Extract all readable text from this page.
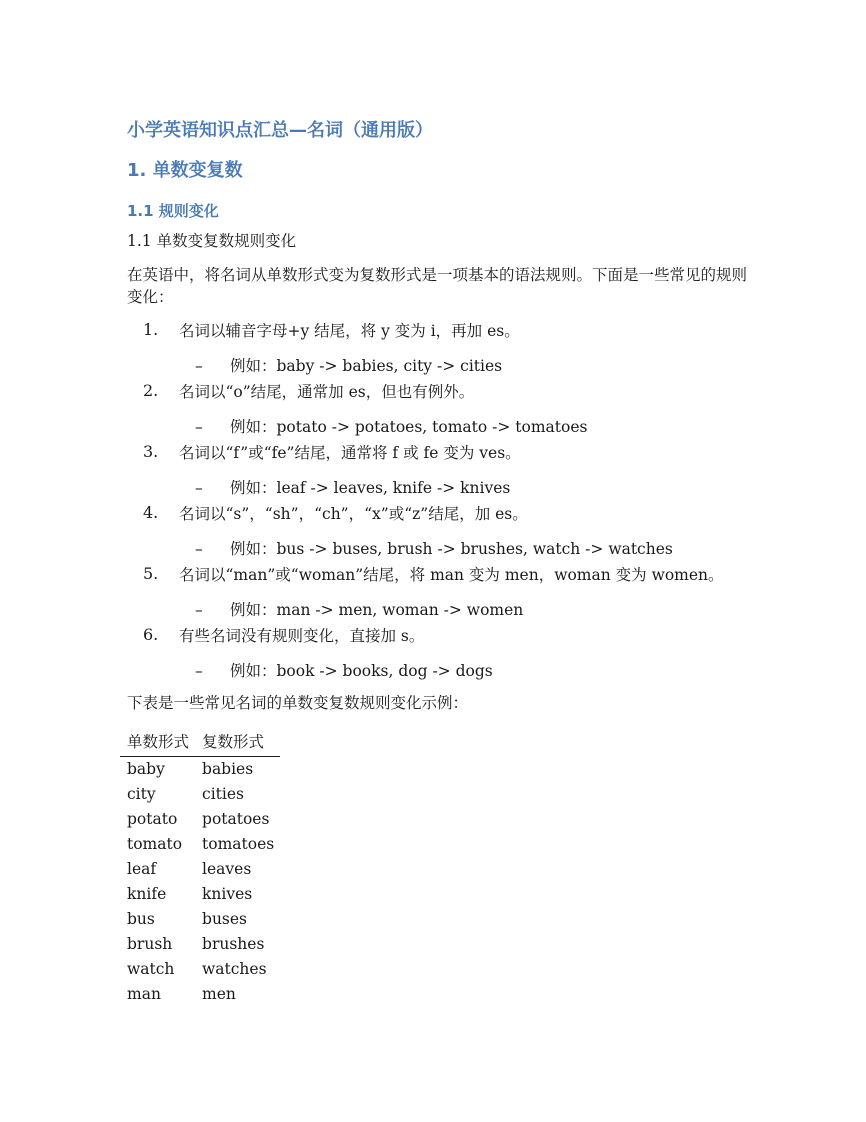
小学英语知识点汇总—名词（通用版）
1. 单数变复数
1.1 规则变化

1.1 单数变复数规则变化

在英语中，将名词从单数形式变为复数形式是一项基本的语法规则。下面是一些常见的规则变化：

1. 名词以辅音字母+y 结尾，将 y 变为 i，再加 es。
– 例如：baby -> babies, city -> cities
2. 名词以“o”结尾，通常加 es，但也有例外。
– 例如：potato -> potatoes, tomato -> tomatoes
3. 名词以“f”或“fe”结尾，通常将 f 或 fe 变为 ves。
– 例如：leaf -> leaves, knife -> knives
4. 名词以“s”，“sh”，“ch”，“x”或“z”结尾，加 es。
– 例如：bus -> buses, brush -> brushes, watch -> watches
5. 名词以“man”或“woman”结尾，将 man 变为 men，woman 变为 women。
– 例如：man -> men, woman -> women
6. 有些名词没有规则变化，直接加 s。
– 例如：book -> books, dog -> dogs

下表是一些常见名词的单数变复数规则变化示例：

单数形式	复数形式
baby	babies
city	cities
potato	potatoes
tomato	tomatoes
leaf	leaves
knife	knives
bus	buses
brush	brushes
watch	watches
man	men
